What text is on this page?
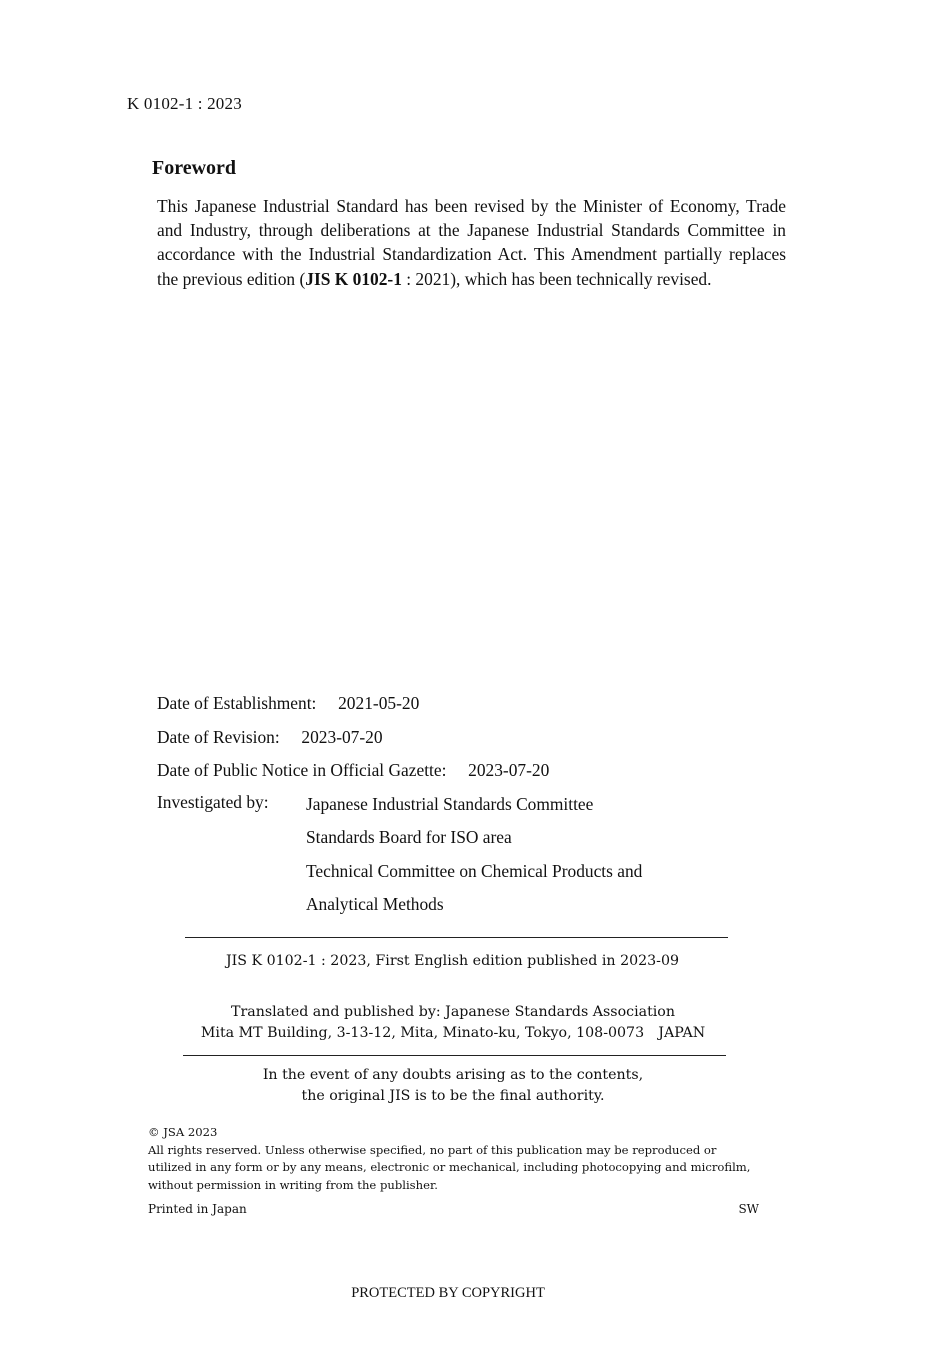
K 0102-1 : 2023
Foreword
This Japanese Industrial Standard has been revised by the Minister of Economy, Trade and Industry, through deliberations at the Japanese Industrial Standards Committee in accordance with the Industrial Standardization Act. This Amendment partially replaces the previous edition (JIS K 0102-1 : 2021), which has been technically revised.
Date of Establishment:　 2021-05-20
Date of Revision:　 2023-07-20
Date of Public Notice in Official Gazette:　 2023-07-20
Investigated by:	Japanese Industrial Standards Committee
Standards Board for ISO area
Technical Committee on Chemical Products and
Analytical Methods
JIS K 0102-1 : 2023, First English edition published in 2023-09
Translated and published by: Japanese Standards Association
Mita MT Building, 3-13-12, Mita, Minato-ku, Tokyo, 108-0073　JAPAN
In the event of any doubts arising as to the contents,
the original JIS is to be the final authority.
© JSA 2023
All rights reserved. Unless otherwise specified, no part of this publication may be reproduced or utilized in any form or by any means, electronic or mechanical, including photocopying and microfilm, without permission in writing from the publisher.
Printed in Japan	SW
PROTECTED BY COPYRIGHT
